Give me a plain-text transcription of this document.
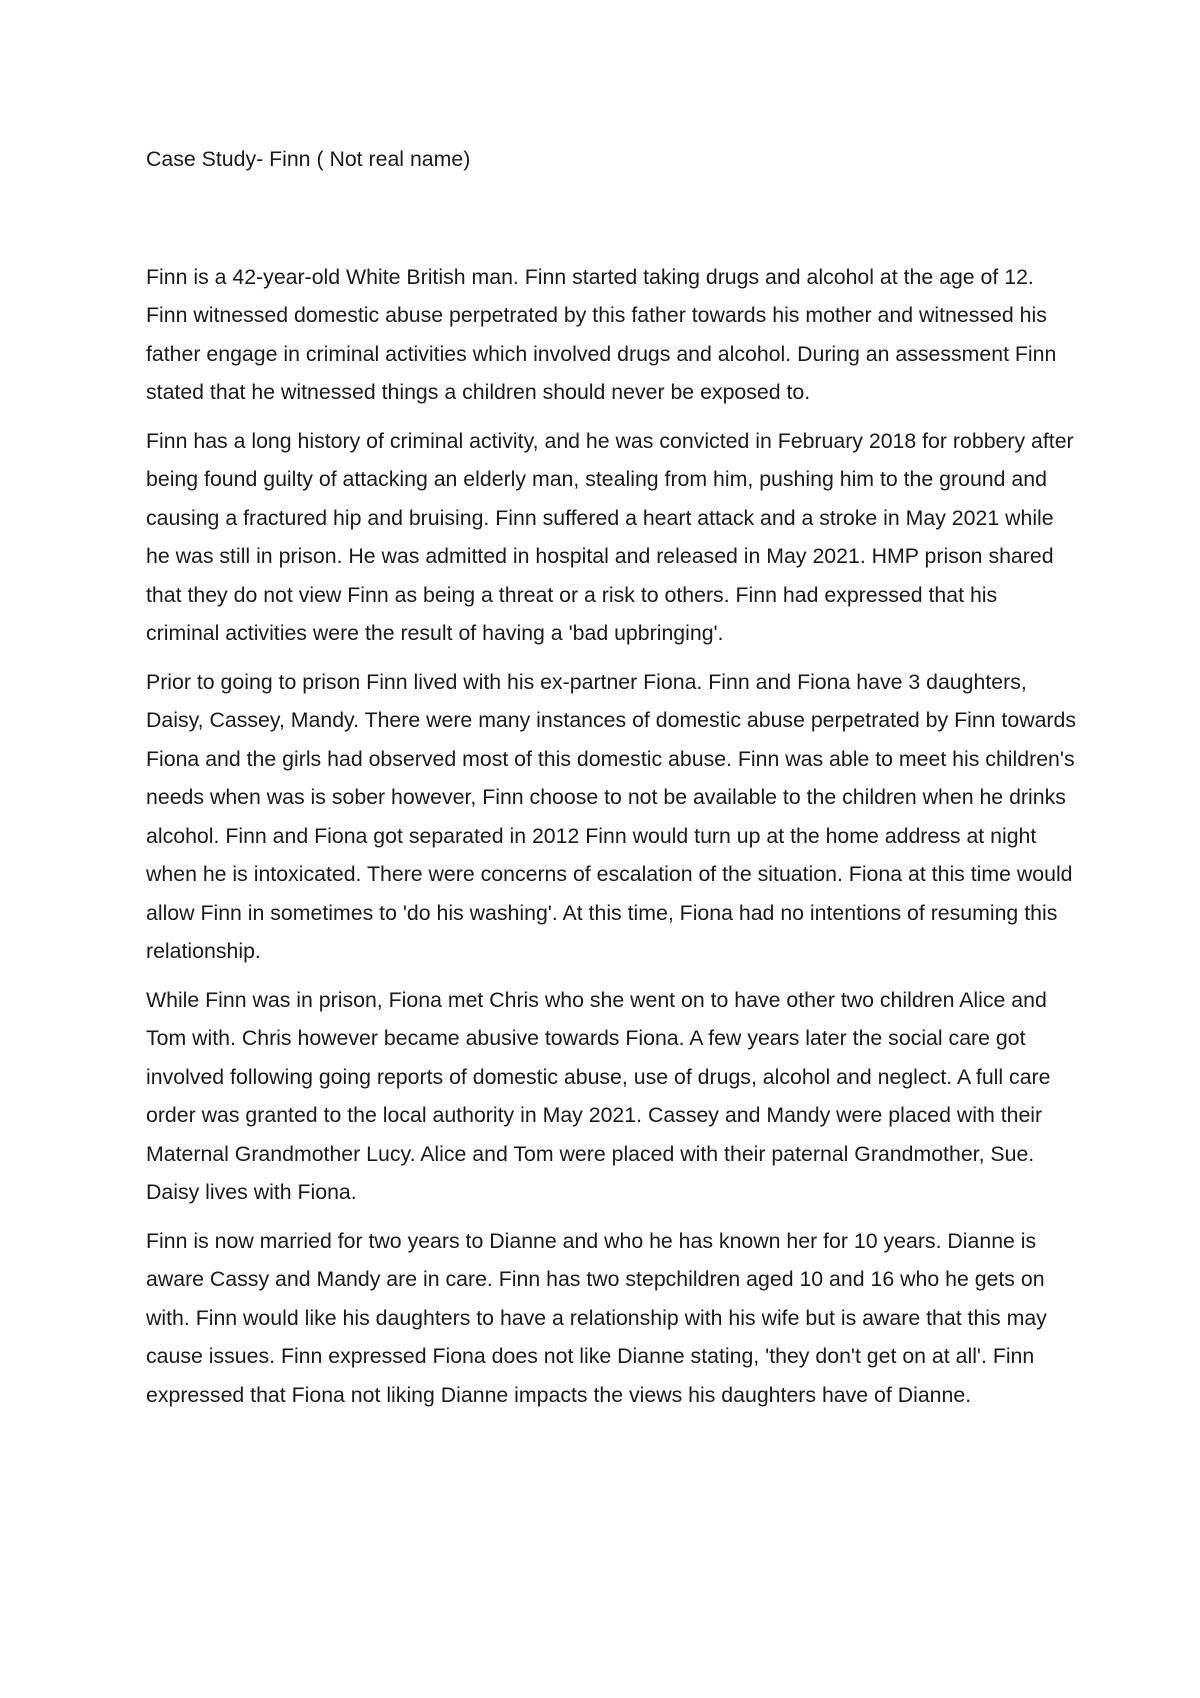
Case Study- Finn ( Not real name)

Finn is a 42-year-old White British man. Finn started taking drugs and alcohol at the age of 12. Finn witnessed domestic abuse perpetrated by this father towards his mother and witnessed his father engage in criminal activities which involved drugs and alcohol. During an assessment Finn stated that he witnessed things a children should never be exposed to.

Finn has a long history of criminal activity, and he was convicted in February 2018 for robbery after being found guilty of attacking an elderly man, stealing from him, pushing him to the ground and causing a fractured hip and bruising. Finn suffered a heart attack and a stroke in May 2021 while he was still in prison. He was admitted in hospital and released in May 2021. HMP prison shared that they do not view Finn as being a threat or a risk to others. Finn had expressed that his criminal activities were the result of having a 'bad upbringing'.

Prior to going to prison Finn lived with his ex-partner Fiona. Finn and Fiona have 3 daughters, Daisy, Cassey, Mandy. There were many instances of domestic abuse perpetrated by Finn towards Fiona and the girls had observed most of this domestic abuse. Finn was able to meet his children's needs when was is sober however, Finn choose to not be available to the children when he drinks alcohol. Finn and Fiona got separated in 2012 Finn would turn up at the home address at night when he is intoxicated. There were concerns of escalation of the situation. Fiona at this time would allow Finn in sometimes to 'do his washing'. At this time, Fiona had no intentions of resuming this relationship.

While Finn was in prison, Fiona met Chris who she went on to have other two children Alice and Tom with. Chris however became abusive towards Fiona. A few years later the social care got involved following going reports of domestic abuse, use of drugs, alcohol and neglect. A full care order was granted to the local authority in May 2021. Cassey and Mandy were placed with their Maternal Grandmother Lucy. Alice and Tom were placed with their paternal Grandmother, Sue. Daisy lives with Fiona.

Finn is now married for two years to Dianne and who he has known her for 10 years. Dianne is aware Cassy and Mandy are in care. Finn has two stepchildren aged 10 and 16 who he gets on with. Finn would like his daughters to have a relationship with his wife but is aware that this may cause issues. Finn expressed Fiona does not like Dianne stating, 'they don't get on at all'. Finn expressed that Fiona not liking Dianne impacts the views his daughters have of Dianne.
